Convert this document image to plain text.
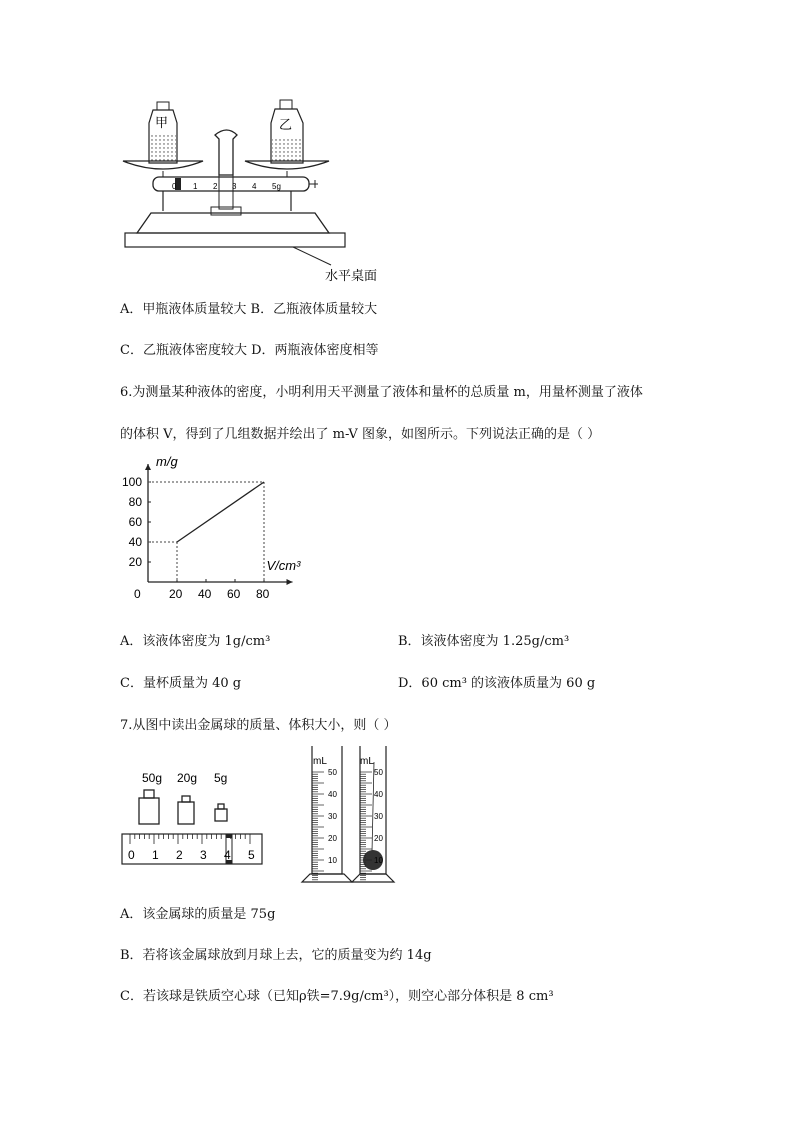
甲	乙
0 1 2 3 4 5g
水平桌面
A．甲瓶液体质量较大 B．乙瓶液体质量较大
C．乙瓶液体密度较大 D．两瓶液体密度相等
6.为测量某种液体的密度，小明利用天平测量了液体和量杯的总质量 m，用量杯测量了液体
的体积 V，得到了几组数据并绘出了 m-V 图象，如图所示。下列说法正确的是（ ）
20 40 60 80
20
40
60
80
100
0
m/g
V/cm³
A．该液体密度为 1g/cm³	B．该液体密度为 1.25g/cm³
C．量杯质量为 40 g	D．60 cm³ 的该液体质量为 60 g
7.从图中读出金属球的质量、体积大小，则（ ）
50g 20g 5g
0 1 2 3 4 5
mL	mL
50
40
30
20
10
50
40
30
20
10
A．该金属球的质量是 75g
B．若将该金属球放到月球上去，它的质量变为约 14g
C．若该球是铁质空心球（已知ρ铁=7.9g/cm³），则空心部分体积是 8 cm³
